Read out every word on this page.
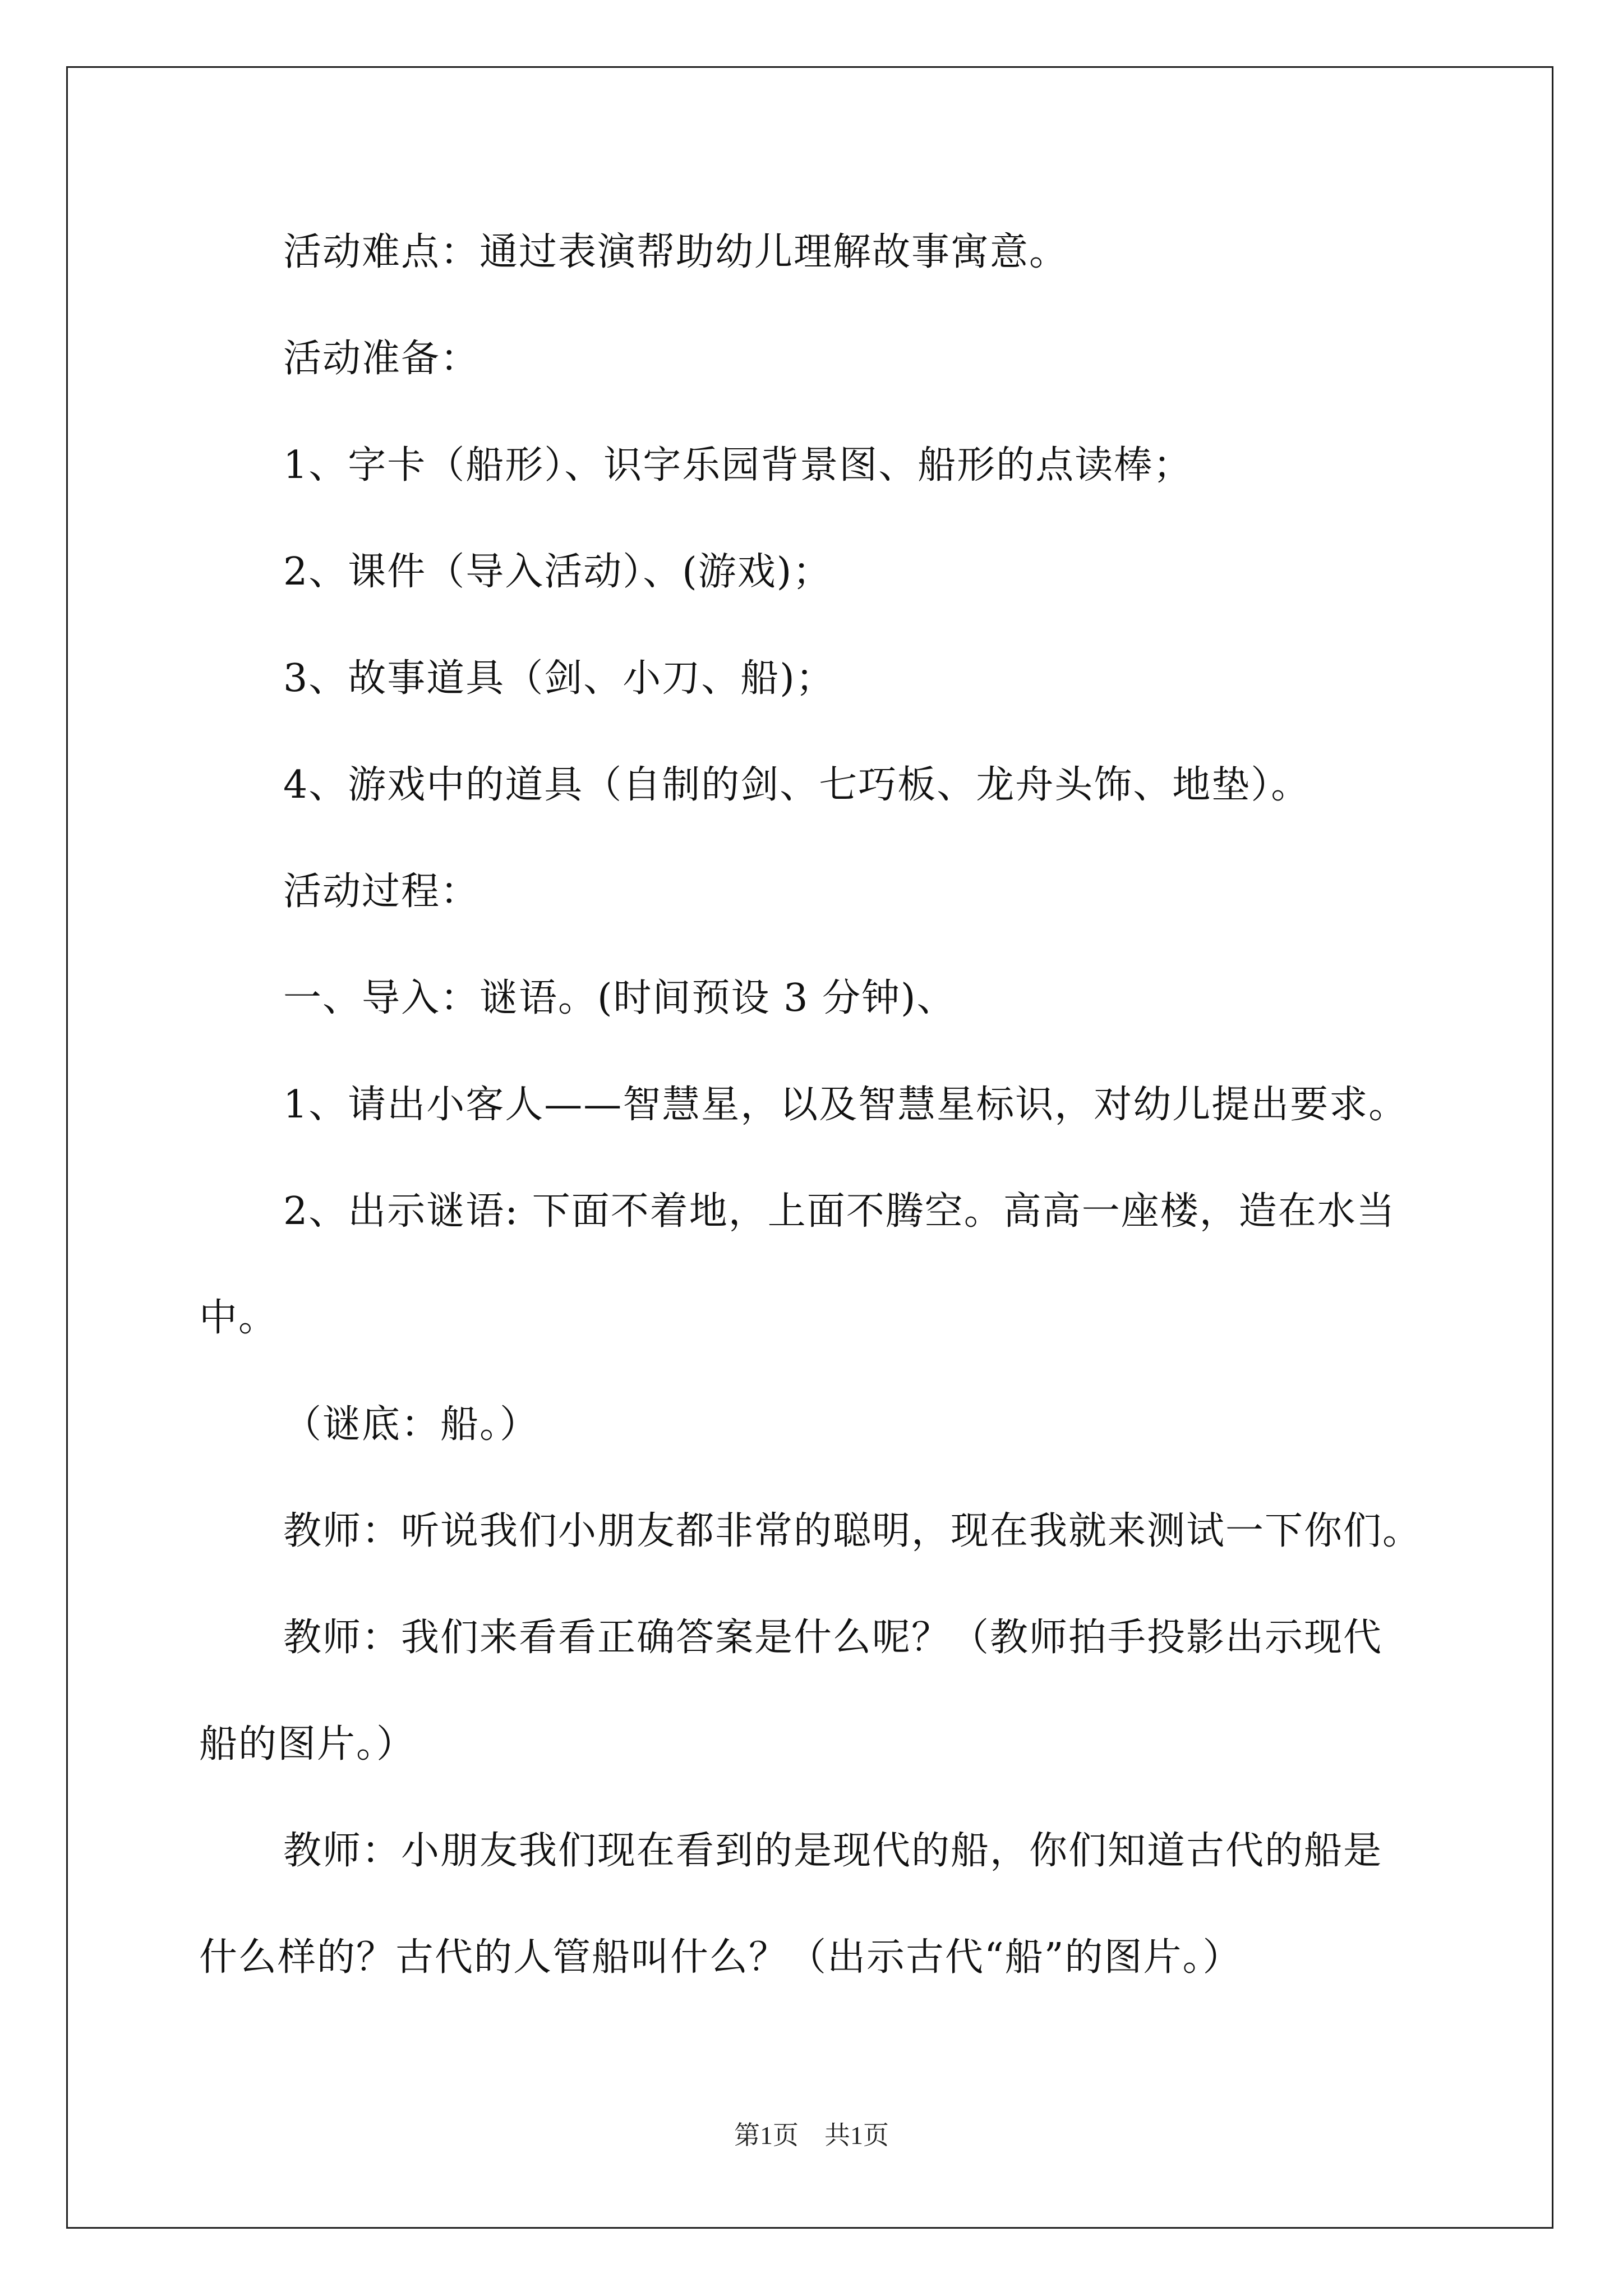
活动难点：通过表演帮助幼儿理解故事寓意。

活动准备：

1、字卡（船形）、识字乐园背景图、船形的点读棒；

2、课件（导入活动）、(游戏)；

3、故事道具（剑、小刀、船)；

4、游戏中的道具（自制的剑、七巧板、龙舟头饰、地垫）。

活动过程：

一、导入：谜语。(时间预设 3 分钟)、

1、请出小客人——智慧星，以及智慧星标识，对幼儿提出要求。

2、出示谜语: 下面不着地，上面不腾空。高高一座楼，造在水当

中。

（谜底：船。）

教师：听说我们小朋友都非常的聪明，现在我就来测试一下你们。

教师：我们来看看正确答案是什么呢？（教师拍手投影出示现代

船的图片。）

教师：小朋友我们现在看到的是现代的船，你们知道古代的船是

什么样的？古代的人管船叫什么？（出示古代“船”的图片。）

第1页　共1页
